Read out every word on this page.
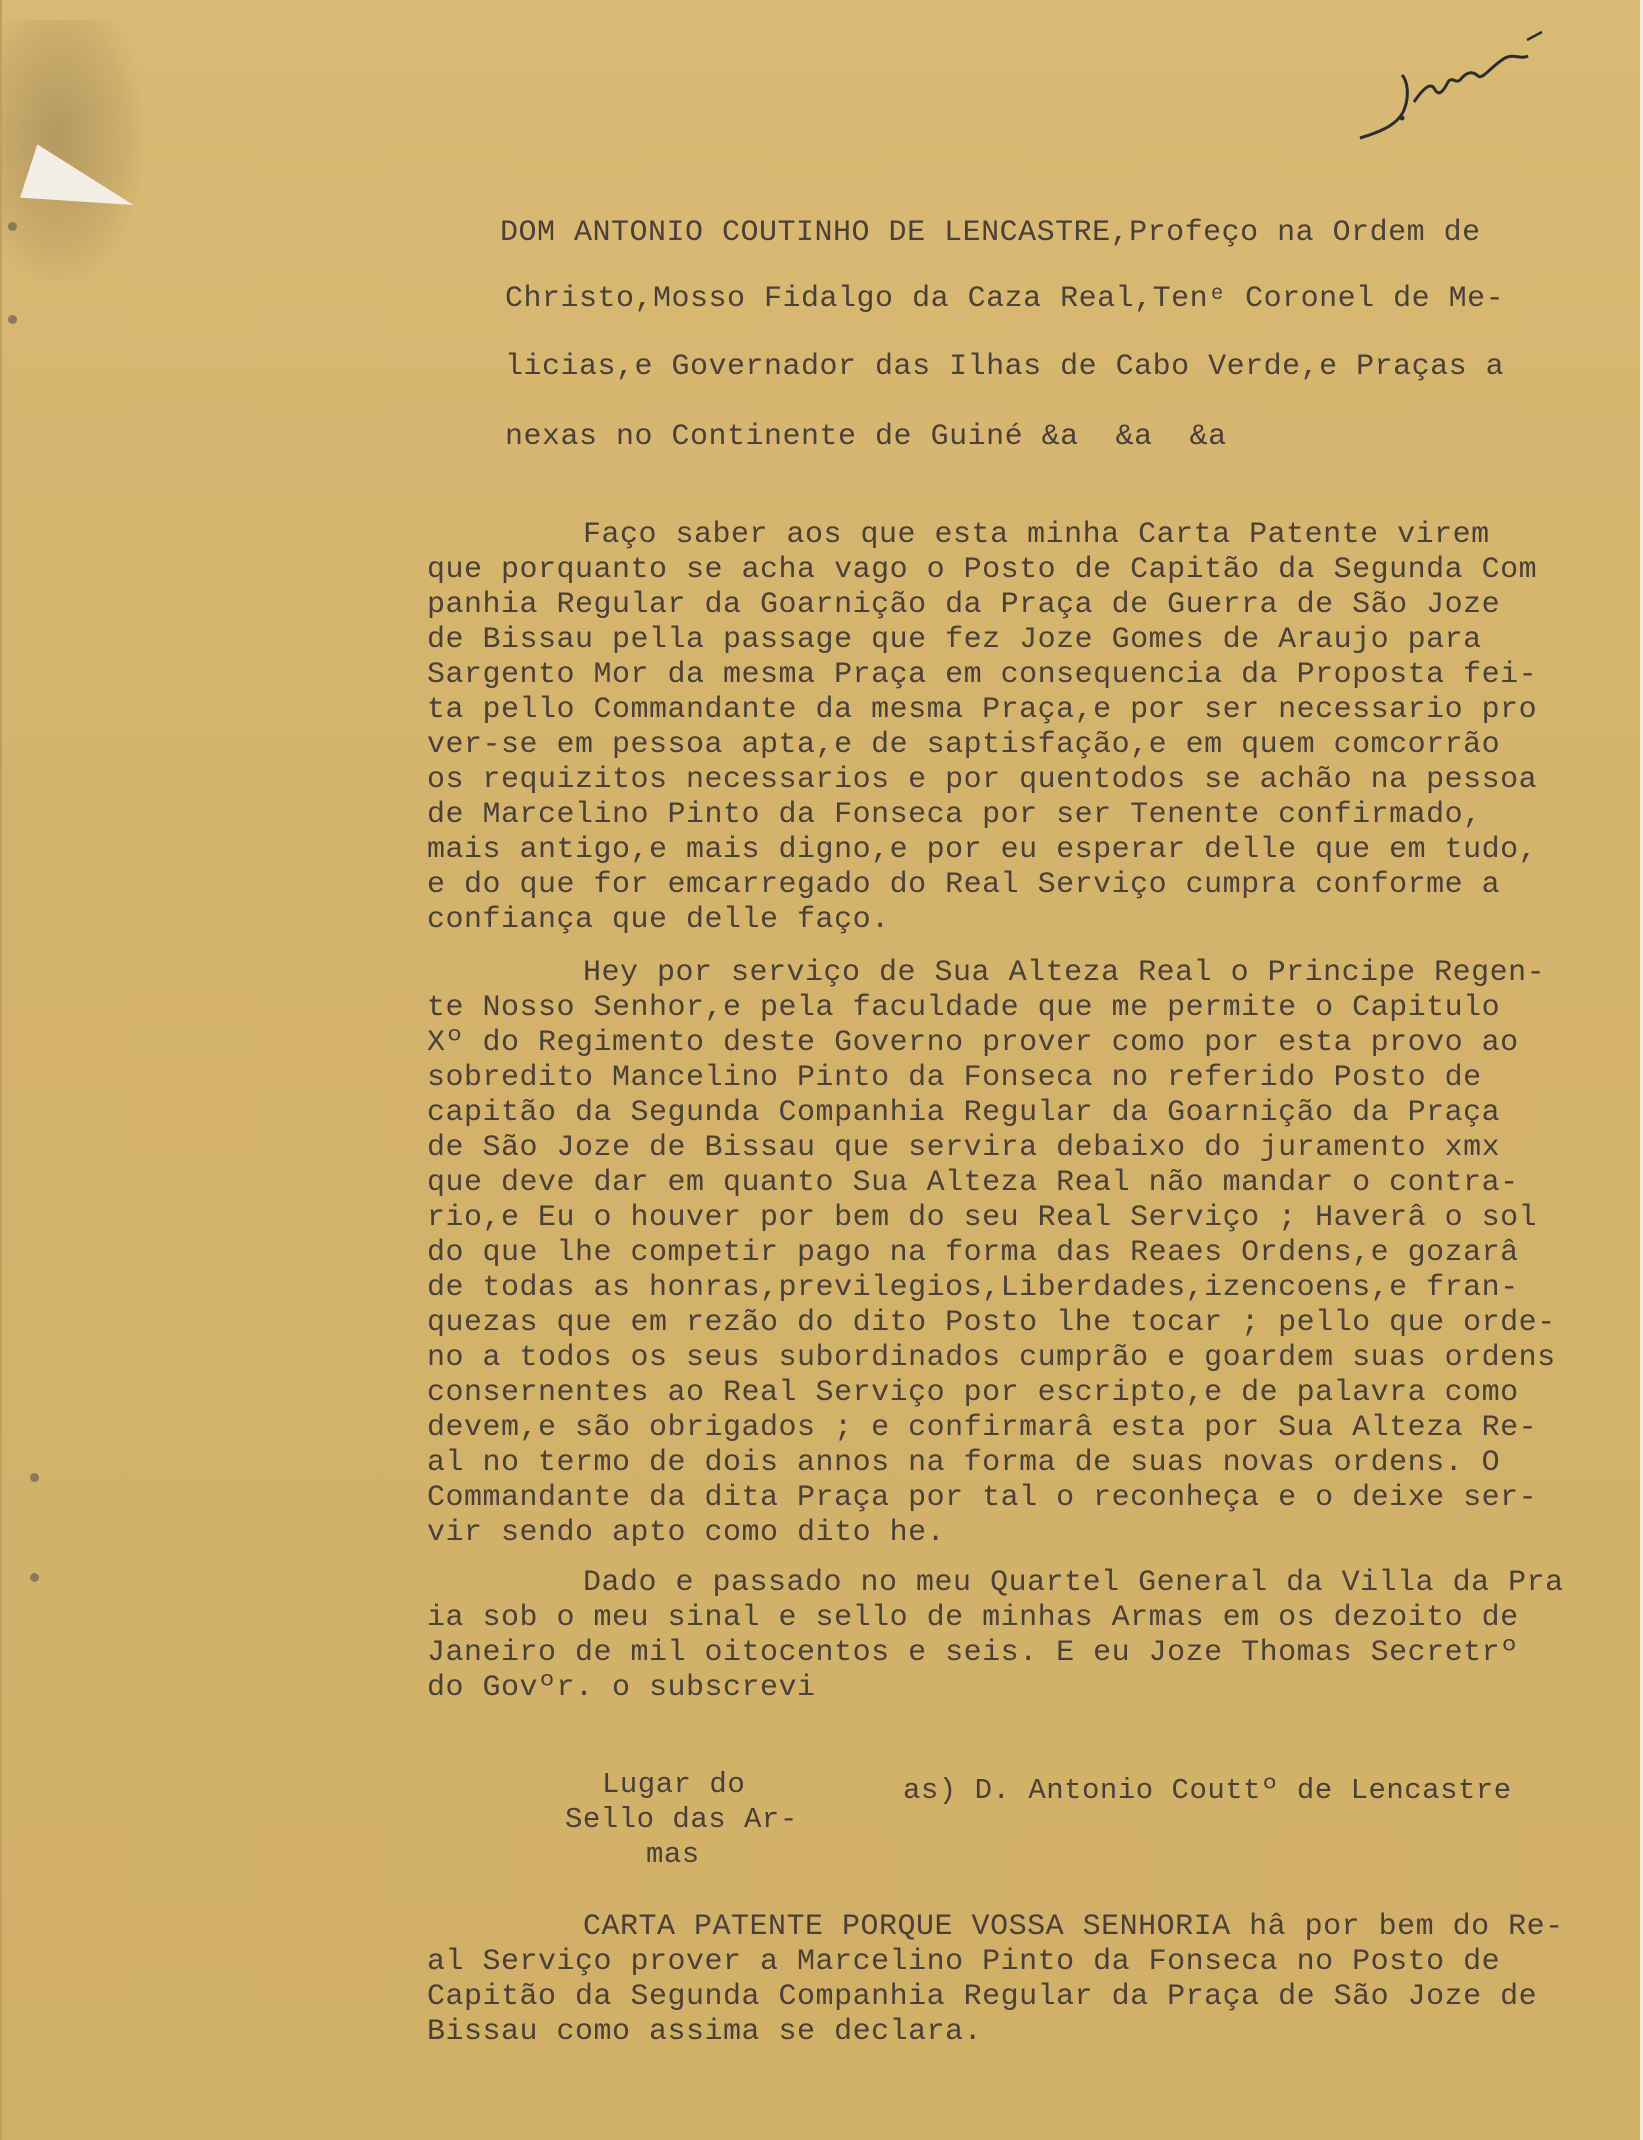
DOM ANTONIO COUTINHO DE LENCASTRE,Profeço na Ordem de
Christo,Mosso Fidalgo da Caza Real,Tenᵉ Coronel de Me-
licias,e Governador das Ilhas de Cabo Verde,e Praças a
nexas no Continente de Guiné &a  &a  &a
Faço saber aos que esta minha Carta Patente virem
que porquanto se acha vago o Posto de Capitão da Segunda Com
panhia Regular da Goarnição da Praça de Guerra de São Joze
de Bissau pella passage que fez Joze Gomes de Araujo para
Sargento Mor da mesma Praça em consequencia da Proposta fei-
ta pello Commandante da mesma Praça,e por ser necessario pro
ver-se em pessoa apta,e de saptisfação,e em quem comcorrão
os requizitos necessarios e por quentodos se achão na pessoa
de Marcelino Pinto da Fonseca por ser Tenente confirmado,
mais antigo,e mais digno,e por eu esperar delle que em tudo,
e do que for emcarregado do Real Serviço cumpra conforme a
confiança que delle faço.
Hey por serviço de Sua Alteza Real o Principe Regen-
te Nosso Senhor,e pela faculdade que me permite o Capitulo
Xº do Regimento deste Governo prover como por esta provo ao
sobredito Mancelino Pinto da Fonseca no referido Posto de
capitão da Segunda Companhia Regular da Goarnição da Praça
de São Joze de Bissau que servira debaixo do juramento xmx
que deve dar em quanto Sua Alteza Real não mandar o contra-
rio,e Eu o houver por bem do seu Real Serviço ; Haverâ o sol
do que lhe competir pago na forma das Reaes Ordens,e gozarâ
de todas as honras,previlegios,Liberdades,izencoens,e fran-
quezas que em rezão do dito Posto lhe tocar ; pello que orde-
no a todos os seus subordinados cumprão e goardem suas ordens
consernentes ao Real Serviço por escripto,e de palavra como
devem,e são obrigados ; e confirmarâ esta por Sua Alteza Re-
al no termo de dois annos na forma de suas novas ordens. O
Commandante da dita Praça por tal o reconheça e o deixe ser-
vir sendo apto como dito he.
Dado e passado no meu Quartel General da Villa da Pra
ia sob o meu sinal e sello de minhas Armas em os dezoito de
Janeiro de mil oitocentos e seis. E eu Joze Thomas Secretrº
do Govºr. o subscrevi
Lugar do
Sello das Ar-
mas
as) D. Antonio Couttº de Lencastre
CARTA PATENTE PORQUE VOSSA SENHORIA hâ por bem do Re-
al Serviço prover a Marcelino Pinto da Fonseca no Posto de
Capitão da Segunda Companhia Regular da Praça de São Joze de
Bissau como assima se declara.
